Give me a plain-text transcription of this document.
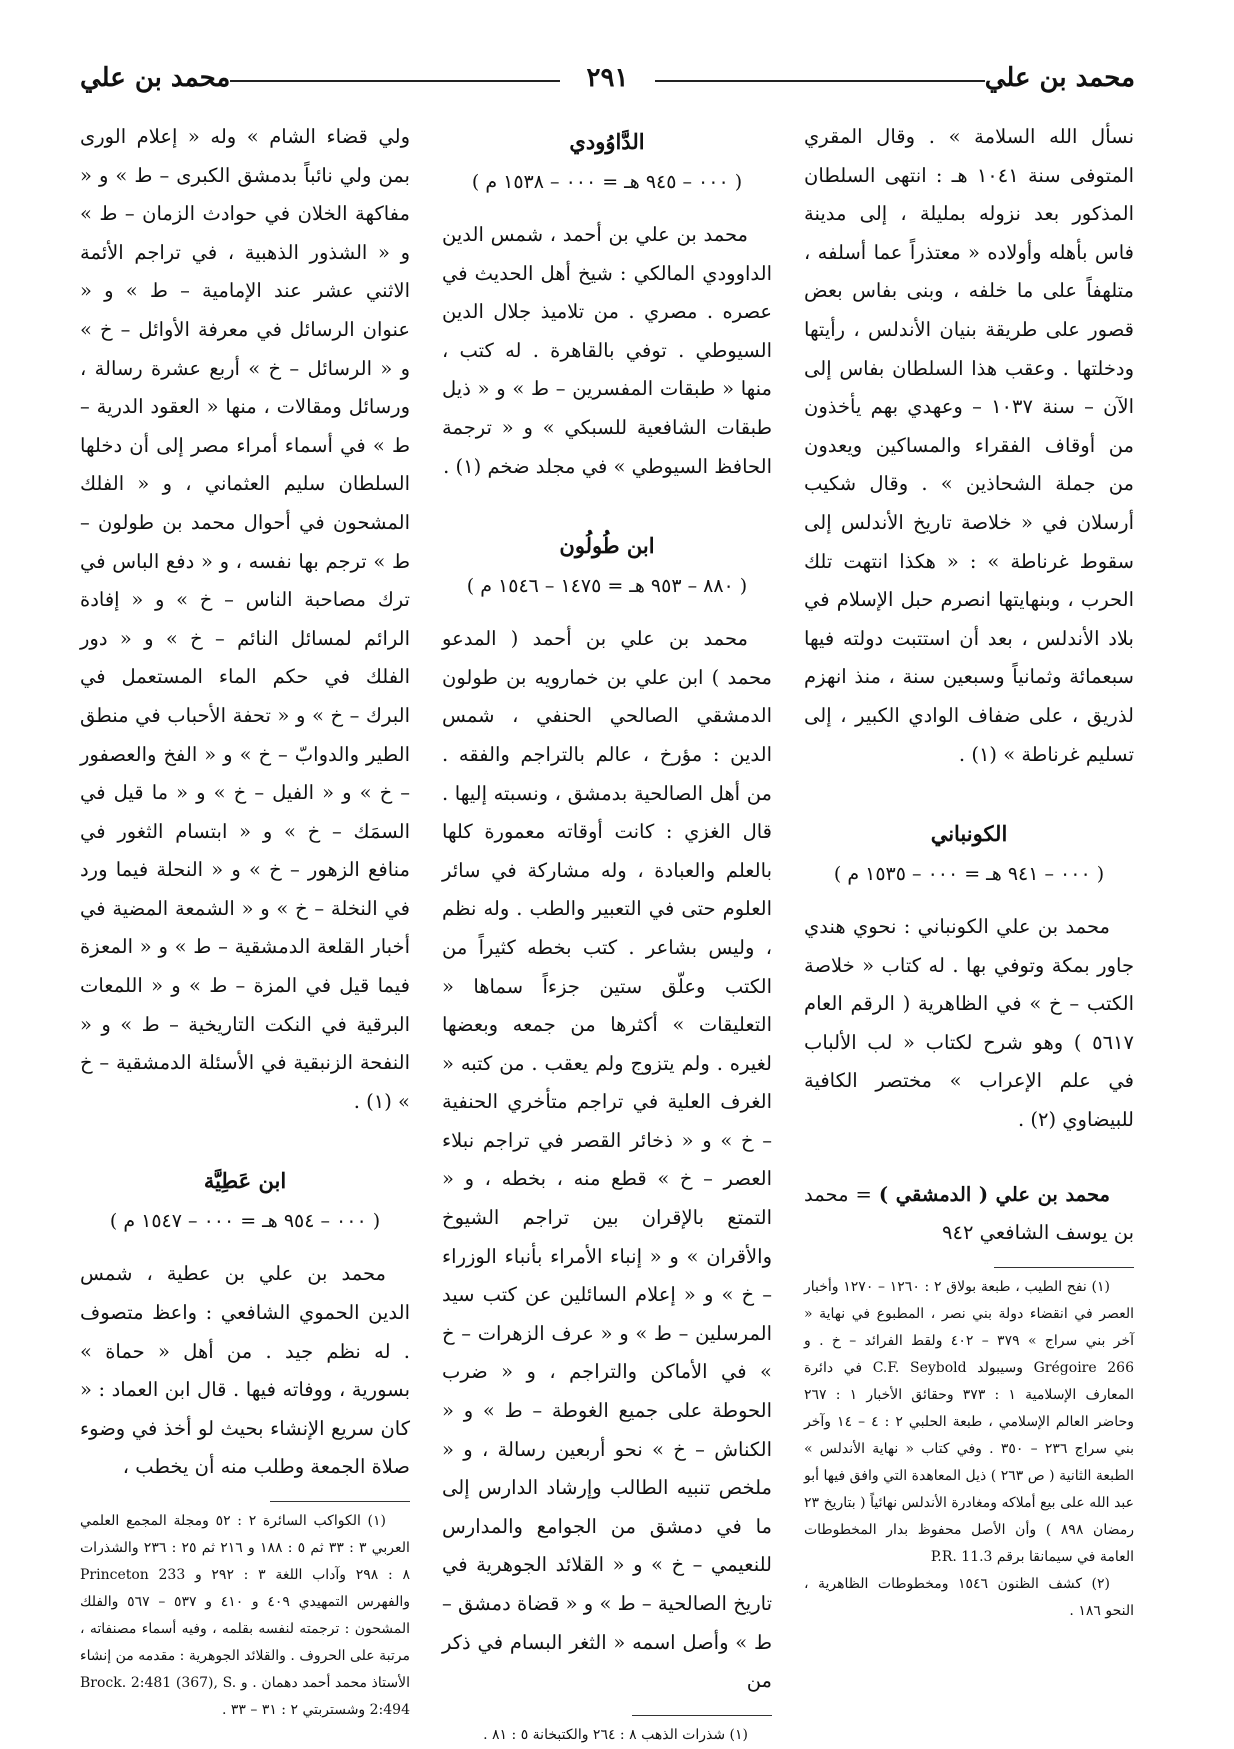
محمد بن علي
٢٩١
محمد بن علي

نسأل الله السلامة » . وقال المقري المتوفى سنة ١٠٤١ هـ : انتهى السلطان المذكور بعد نزوله بمليلة ، إلى مدينة فاس بأهله وأولاده « معتذراً عما أسلفه ، متلهفاً على ما خلفه ، وبنى بفاس بعض قصور على طريقة بنيان الأندلس ، رأيتها ودخلتها . وعقب هذا السلطان بفاس إلى الآن – سنة ١٠٣٧ – وعهدي بهم يأخذون من أوقاف الفقراء والمساكين ويعدون من جملة الشحاذين » . وقال شكيب أرسلان في « خلاصة تاريخ الأندلس إلى سقوط غرناطة » : « هكذا انتهت تلك الحرب ، وبنهايتها انصرم حبل الإسلام في بلاد الأندلس ، بعد أن استتبت دولته فيها سبعمائة وثمانياً وسبعين سنة ، منذ انهزم لذريق ، على ضفاف الوادي الكبير ، إلى تسليم غرناطة » (١) .

الكونباني
( ٠٠٠ – ٩٤١ هـ = ٠٠٠ – ١٥٣٥ م )

محمد بن علي الكونباني : نحوي هندي جاور بمكة وتوفي بها . له كتاب « خلاصة الكتب – خ » في الظاهرية ( الرقم العام ٥٦١٧ ) وهو شرح لكتاب « لب الألباب في علم الإعراب » مختصر الكافية للبيضاوي (٢) .

محمد بن علي ( الدمشقي ) = محمد بن يوسف الشافعي ٩٤٢

(١) نفح الطيب ، طبعة بولاق ٢ : ١٢٦٠ – ١٢٧٠ وأخبار العصر في انقضاء دولة بني نصر ، المطبوع في نهاية « آخر بني سراج » ٣٧٩ – ٤٠٢ ولقط الفرائد – خ . و Grégoire 266 وسيبولد C.F. Seybold في دائرة المعارف الإسلامية ١ : ٣٧٣ وحقائق الأخبار ١ : ٢٦٧ وحاضر العالم الإسلامي ، طبعة الحلبي ٢ : ٤ – ١٤ وآخر بني سراج ٢٣٦ – ٣٥٠ . وفي كتاب « نهاية الأندلس » الطبعة الثانية ( ص ٢٦٣ ) ذيل المعاهدة التي وافق فيها أبو عبد الله على بيع أملاكه ومغادرة الأندلس نهائياً ( بتاريخ ٢٣ رمضان ٨٩٨ ) وأن الأصل محفوظ بدار المخطوطات العامة في سيمانقا برقم P.R. 11.3

(٢) كشف الظنون ١٥٤٦ ومخطوطات الظاهرية ، النحو ١٨٦ .

الدَّاوُودي
( ٠٠٠ – ٩٤٥ هـ = ٠٠٠ – ١٥٣٨ م )

محمد بن علي بن أحمد ، شمس الدين الداوودي المالكي : شيخ أهل الحديث في عصره . مصري . من تلاميذ جلال الدين السيوطي . توفي بالقاهرة . له كتب ، منها « طبقات المفسرين – ط » و « ذيل طبقات الشافعية للسبكي » و « ترجمة الحافظ السيوطي » في مجلد ضخم (١) .

ابن طُولُون
( ٨٨٠ – ٩٥٣ هـ = ١٤٧٥ – ١٥٤٦ م )

محمد بن علي بن أحمد ( المدعو محمد ) ابن علي بن خمارويه بن طولون الدمشقي الصالحي الحنفي ، شمس الدين : مؤرخ ، عالم بالتراجم والفقه . من أهل الصالحية بدمشق ، ونسبته إليها . قال الغزي : كانت أوقاته معمورة كلها بالعلم والعبادة ، وله مشاركة في سائر العلوم حتى في التعبير والطب . وله نظم ، وليس بشاعر . كتب بخطه كثيراً من الكتب وعلّق ستين جزءاً سماها « التعليقات » أكثرها من جمعه وبعضها لغيره . ولم يتزوج ولم يعقب . من كتبه « الغرف العلية في تراجم متأخري الحنفية – خ » و « ذخائر القصر في تراجم نبلاء العصر – خ » قطع منه ، بخطه ، و « التمتع بالإقران بين تراجم الشيوخ والأقران » و « إنباء الأمراء بأنباء الوزراء – خ » و « إعلام السائلين عن كتب سيد المرسلين – ط » و « عرف الزهرات – خ » في الأماكن والتراجم ، و « ضرب الحوطة على جميع الغوطة – ط » و « الكناش – خ » نحو أربعين رسالة ، و « ملخص تنبيه الطالب وإرشاد الدارس إلى ما في دمشق من الجوامع والمدارس للنعيمي – خ » و « القلائد الجوهرية في تاريخ الصالحية – ط » و « قضاة دمشق – ط » وأصل اسمه « الثغر البسام في ذكر من

(١) شذرات الذهب ٨ : ٢٦٤ والكتبخانة ٥ : ٨١ .

ولي قضاء الشام » وله « إعلام الورى بمن ولي نائباً بدمشق الكبرى – ط » و « مفاكهة الخلان في حوادث الزمان – ط » و « الشذور الذهبية ، في تراجم الأئمة الاثني عشر عند الإمامية – ط » و « عنوان الرسائل في معرفة الأوائل – خ » و « الرسائل – خ » أربع عشرة رسالة ، ورسائل ومقالات ، منها « العقود الدرية – ط » في أسماء أمراء مصر إلى أن دخلها السلطان سليم العثماني ، و « الفلك المشحون في أحوال محمد بن طولون – ط » ترجم بها نفسه ، و « دفع الباس في ترك مصاحبة الناس – خ » و « إفادة الرائم لمسائل النائم – خ » و « دور الفلك في حكم الماء المستعمل في البرك – خ » و « تحفة الأحباب في منطق الطير والدوابّ – خ » و « الفخ والعصفور – خ » و « الفيل – خ » و « ما قيل في السمَك – خ » و « ابتسام الثغور في منافع الزهور – خ » و « النحلة فيما ورد في النخلة – خ » و « الشمعة المضية في أخبار القلعة الدمشقية – ط » و « المعزة فيما قيل في المزة – ط » و « اللمعات البرقية في النكت التاريخية – ط » و « النفحة الزنبقية في الأسئلة الدمشقية – خ » (١) .

ابن عَطِيَّة
( ٠٠٠ – ٩٥٤ هـ = ٠٠٠ – ١٥٤٧ م )

محمد بن علي بن عطية ، شمس الدين الحموي الشافعي : واعظ متصوف . له نظم جيد . من أهل « حماة » بسورية ، ووفاته فيها . قال ابن العماد : « كان سريع الإنشاء بحيث لو أخذ في وضوء صلاة الجمعة وطلب منه أن يخطب ،

(١) الكواكب السائرة ٢ : ٥٢ ومجلة المجمع العلمي العربي ٣ : ٣٣ ثم ٥ : ١٨٨ و ٢١٦ ثم ٢٥ : ٢٣٦ والشذرات ٨ : ٢٩٨ وآداب اللغة ٣ : ٢٩٢ و Princeton 233 والفهرس التمهيدي ٤٠٩ و ٤١٠ و ٥٣٧ – ٥٦٧ والفلك المشحون : ترجمته لنفسه بقلمه ، وفيه أسماء مصنفاته ، مرتبة على الحروف . والقلائد الجوهرية : مقدمه من إنشاء الأستاذ محمد أحمد دهمان . و Brock. 2:481 (367), S. 2:494 وشستربتي ٢ : ٣١ – ٣٣ .
